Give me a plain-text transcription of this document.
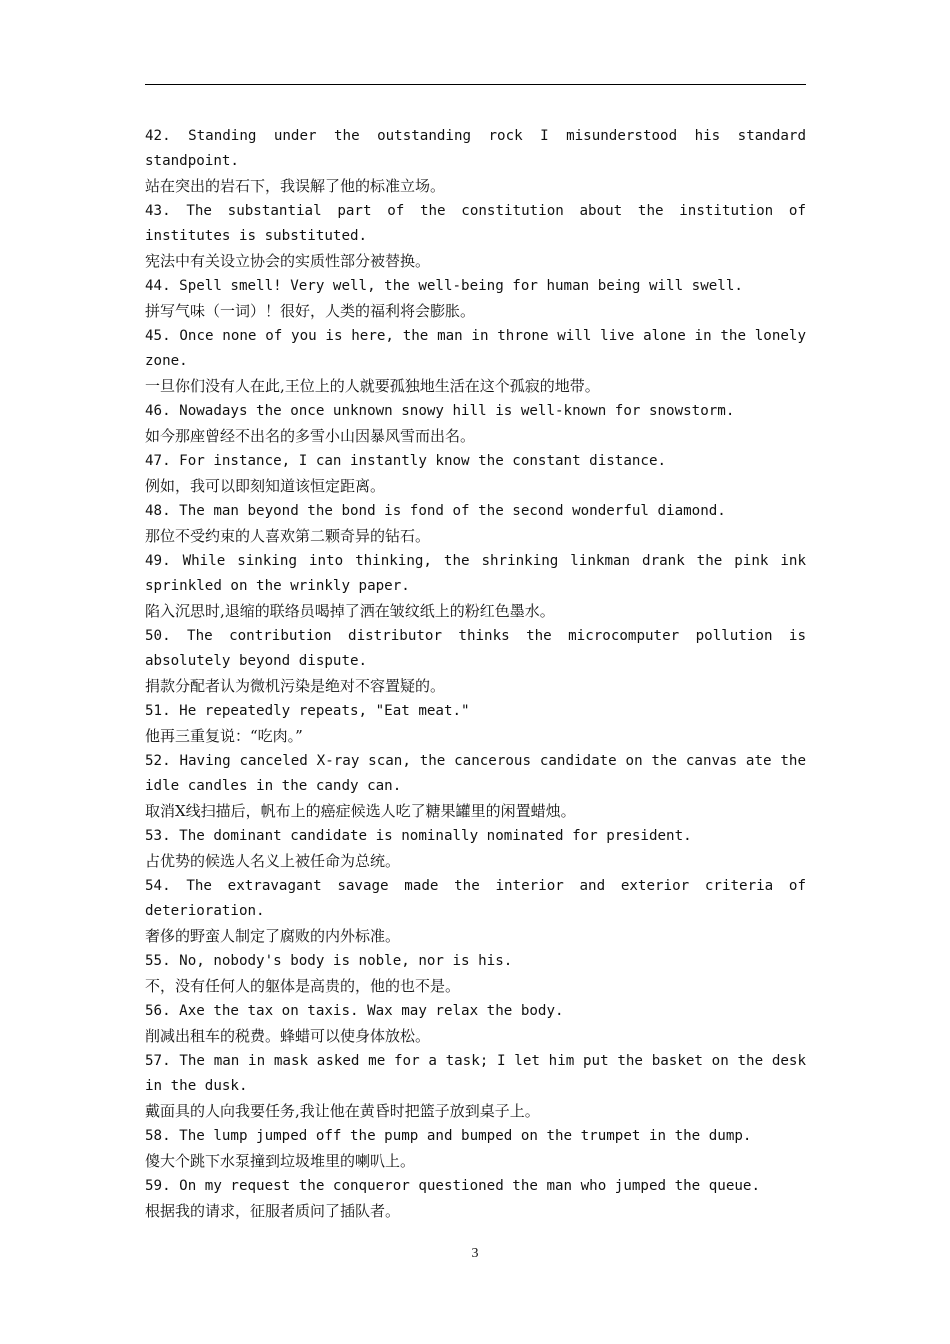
42. Standing under the outstanding rock I misunderstood his standard standpoint.

站在突出的岩石下，我误解了他的标准立场。

43. The substantial part of the constitution about the institution of institutes is substituted.

宪法中有关设立协会的实质性部分被替换。

44. Spell smell! Very well, the well-being for human being will swell.

拼写气味（一词）！很好，人类的福利将会膨胀。

45. Once none of you is here, the man in throne will live alone in the lonely zone.

一旦你们没有人在此,王位上的人就要孤独地生活在这个孤寂的地带。

46. Nowadays the once unknown snowy hill is well-known for snowstorm.

如今那座曾经不出名的多雪小山因暴风雪而出名。

47. For instance, I can instantly know the constant distance.

例如，我可以即刻知道该恒定距离。

48. The man beyond the bond is fond of the second wonderful diamond.

那位不受约束的人喜欢第二颗奇异的钻石。

49. While sinking into thinking, the shrinking linkman drank the pink ink sprinkled on the wrinkly paper.

陷入沉思时,退缩的联络员喝掉了洒在皱纹纸上的粉红色墨水。

50. The contribution distributor thinks the microcomputer pollution is absolutely beyond dispute.

捐款分配者认为微机污染是绝对不容置疑的。

51. He repeatedly repeats, "Eat meat."

他再三重复说：“吃肉。”

52. Having canceled X-ray scan, the cancerous candidate on the canvas ate the idle candles in the candy can.

取消X线扫描后，帆布上的癌症候选人吃了糖果罐里的闲置蜡烛。

53. The dominant candidate is nominally nominated for president.

占优势的候选人名义上被任命为总统。

54. The extravagant savage made the interior and exterior criteria of deterioration.

奢侈的野蛮人制定了腐败的内外标准。

55. No, nobody's body is noble, nor is his.

不，没有任何人的躯体是高贵的，他的也不是。

56. Axe the tax on taxis. Wax may relax the body.

削减出租车的税费。蜂蜡可以使身体放松。

57. The man in mask asked me for a task; I let him put the basket on the desk in the dusk.

戴面具的人向我要任务,我让他在黄昏时把篮子放到桌子上。

58. The lump jumped off the pump and bumped on the trumpet in the dump.

傻大个跳下水泵撞到垃圾堆里的喇叭上。

59. On my request the conqueror questioned the man who jumped the queue.

根据我的请求，征服者质问了插队者。

3
